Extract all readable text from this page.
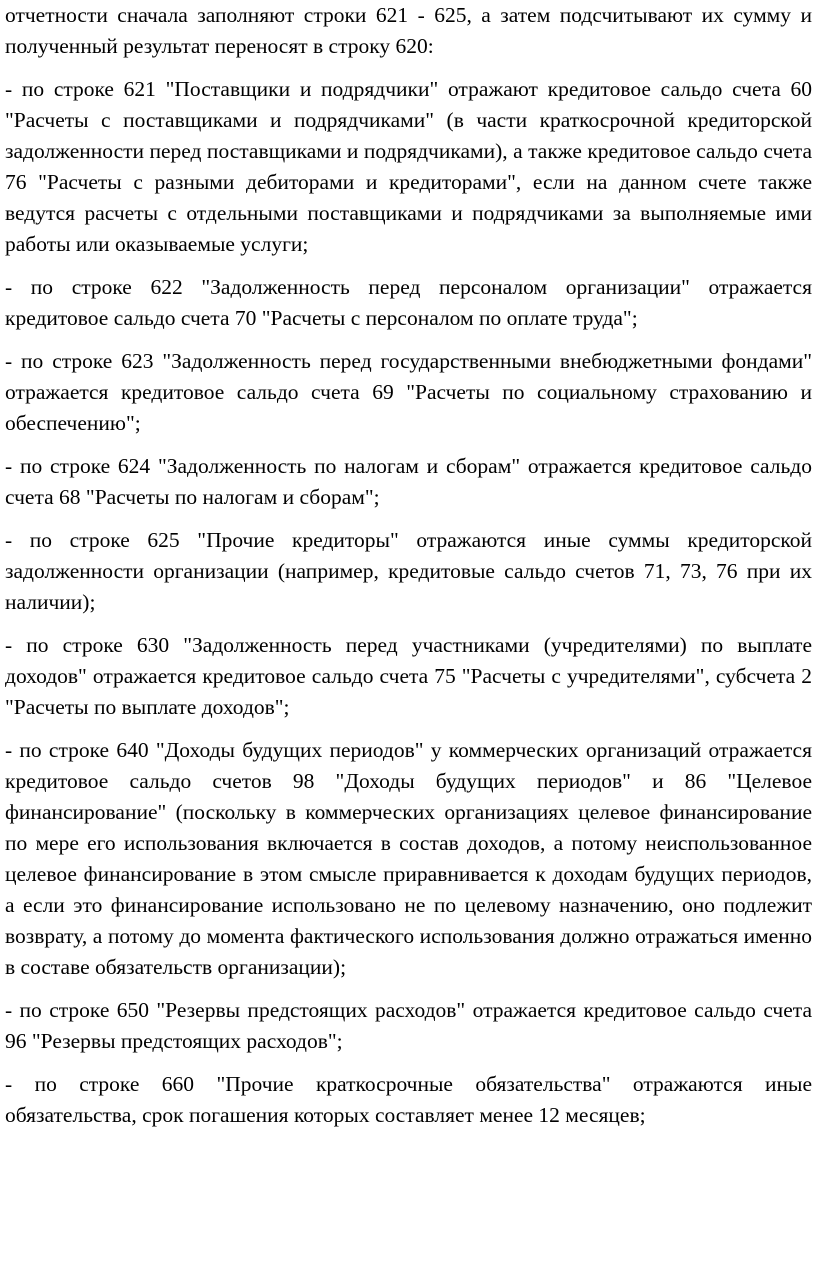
отчетности сначала заполняют строки 621 - 625, а затем подсчитывают их сумму и полученный результат переносят в строку 620:

- по строке 621 "Поставщики и подрядчики" отражают кредитовое сальдо счета 60 "Расчеты с поставщиками и подрядчиками" (в части краткосрочной кредиторской задолженности перед поставщиками и подрядчиками), а также кредитовое сальдо счета 76 "Расчеты с разными дебиторами и кредиторами", если на данном счете также ведутся расчеты с отдельными поставщиками и подрядчиками за выполняемые ими работы или оказываемые услуги;

- по строке 622 "Задолженность перед персоналом организации" отражается кредитовое сальдо счета 70 "Расчеты с персоналом по оплате труда";

- по строке 623 "Задолженность перед государственными внебюджетными фондами" отражается кредитовое сальдо счета 69 "Расчеты по социальному страхованию и обеспечению";

- по строке 624 "Задолженность по налогам и сборам" отражается кредитовое сальдо счета 68 "Расчеты по налогам и сборам";

- по строке 625 "Прочие кредиторы" отражаются иные суммы кредиторской задолженности организации (например, кредитовые сальдо счетов 71, 73, 76 при их наличии);

- по строке 630 "Задолженность перед участниками (учредителями) по выплате доходов" отражается кредитовое сальдо счета 75 "Расчеты с учредителями", субсчета 2 "Расчеты по выплате доходов";

- по строке 640 "Доходы будущих периодов" у коммерческих организаций отражается кредитовое сальдо счетов 98 "Доходы будущих периодов" и 86 "Целевое финансирование" (поскольку в коммерческих организациях целевое финансирование по мере его использования включается в состав доходов, а потому неиспользованное целевое финансирование в этом смысле приравнивается к доходам будущих периодов, а если это финансирование использовано не по целевому назначению, оно подлежит возврату, а потому до момента фактического использования должно отражаться именно в составе обязательств организации);

- по строке 650 "Резервы предстоящих расходов" отражается кредитовое сальдо счета 96 "Резервы предстоящих расходов";

- по строке 660 "Прочие краткосрочные обязательства" отражаются иные обязательства, срок погашения которых составляет менее 12 месяцев;
